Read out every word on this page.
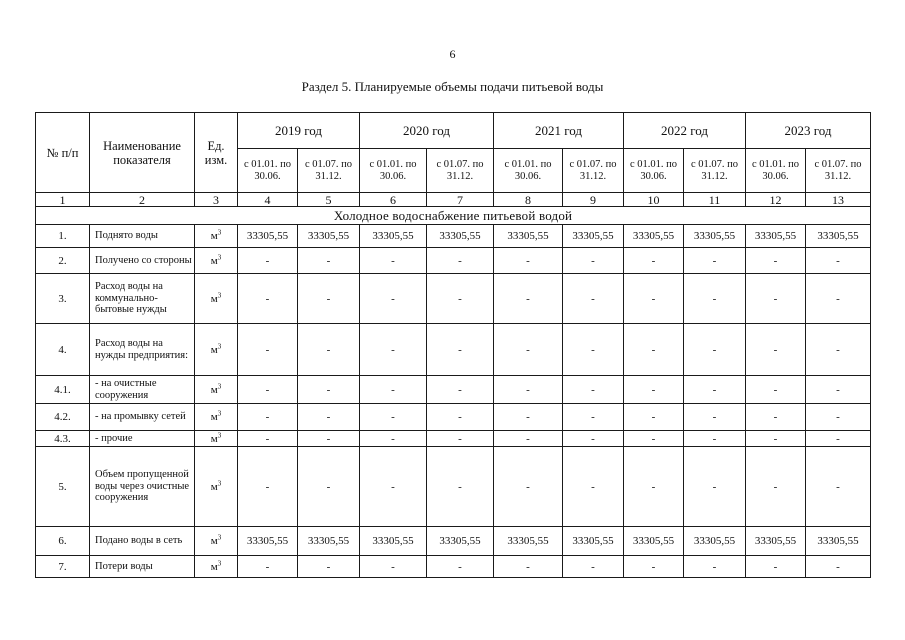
6
Раздел 5. Планируемые объемы подачи питьевой воды
№ п/п	Наименование показателя	Ед. изм.	2019 год		2020 год		2021 год		2022 год		2023 год	
			с 01.01. по 30.06.	с 01.07. по 31.12.	с 01.01. по 30.06.	с 01.07. по 31.12.	с 01.01. по 30.06.	с 01.07. по 31.12.	с 01.01. по 30.06.	с 01.07. по 31.12.	с 01.01. по 30.06.	с 01.07. по 31.12.
1	2	3	4	5	6	7	8	9	10	11	12	13
Холодное водоснабжение питьевой водой												
1.	Поднято воды	$м^3$	33305,55	33305,55	33305,55	33305,55	33305,55	33305,55	33305,55	33305,55	33305,55	33305,55
2.	Получено со стороны	$м^3$	-	-	-	-	-	-	-	-	-	-
3.	Расход воды на коммунально-бытовые нужды	$м^3$	-	-	-	-	-	-	-	-	-	-
4.	Расход воды на нужды предприятия:	$м^3$	-	-	-	-	-	-	-	-	-	-
4.1.	- на очистные сооружения	$м^3$	-	-	-	-	-	-	-	-	-	-
4.2.	- на промывку сетей	$м^3$	-	-	-	-	-	-	-	-	-	-
4.3.	- прочие	$м^3$	-	-	-	-	-	-	-	-	-	-
5.	Объем пропущенной воды через очистные сооружения	$м^3$	-	-	-	-	-	-	-	-	-	-
6.	Подано воды в сеть	$м^3$	33305,55	33305,55	33305,55	33305,55	33305,55	33305,55	33305,55	33305,55	33305,55	33305,55
7.	Потери воды	$м^3$	-	-	-	-	-	-	-	-	-	-
